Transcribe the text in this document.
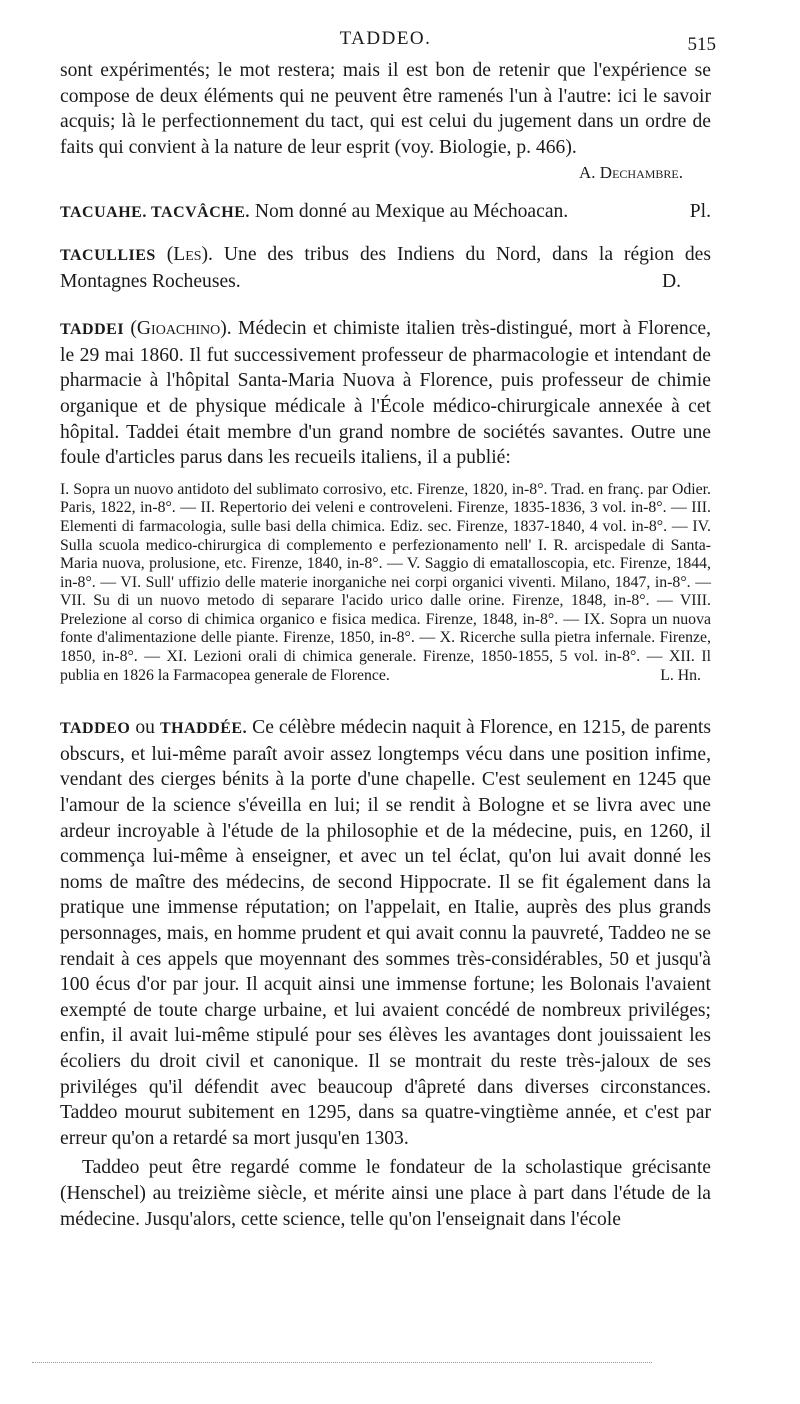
TADDEO.	515

sont expérimentés; le mot restera; mais il est bon de retenir que l'expérience se compose de deux éléments qui ne peuvent être ramenés l'un à l'autre: ici le savoir acquis; là le perfectionnement du tact, qui est celui du jugement dans un ordre de faits qui convient à la nature de leur esprit (voy. Biologie, p. 466).

A. Dechambre.

TACUAHE. TACVÂCHE. Nom donné au Mexique au Méchoacan.	Pl.

TACULLIES (Les). Une des tribus des Indiens du Nord, dans la région des Montagnes Rocheuses.	D.

TADDEI (Gioachino). Médecin et chimiste italien très-distingué, mort à Florence, le 29 mai 1860. Il fut successivement professeur de pharmacologie et intendant de pharmacie à l'hôpital Santa-Maria Nuova à Florence, puis professeur de chimie organique et de physique médicale à l'École médico-chirurgicale annexée à cet hôpital. Taddei était membre d'un grand nombre de sociétés savantes. Outre une foule d'articles parus dans les recueils italiens, il a publié:

I. Sopra un nuovo antidoto del sublimato corrosivo, etc. Firenze, 1820, in-8°. Trad. en franç. par Odier. Paris, 1822, in-8°. — II. Repertorio dei veleni e controveleni. Firenze, 1835-1836, 3 vol. in-8°. — III. Elementi di farmacologia, sulle basi della chimica. Ediz. sec. Firenze, 1837-1840, 4 vol. in-8°. — IV. Sulla scuola medico-chirurgica di complemento e perfezionamento nell' I. R. arcispedale di Santa-Maria nuova, prolusione, etc. Firenze, 1840, in-8°. — V. Saggio di ematalloscopia, etc. Firenze, 1844, in-8°. — VI. Sull' uffizio delle materie inorganiche nei corpi organici viventi. Milano, 1847, in-8°. — VII. Su di un nuovo metodo di separare l'acido urico dalle orine. Firenze, 1848, in-8°. — VIII. Prelezione al corso di chimica organico e fisica medica. Firenze, 1848, in-8°. — IX. Sopra un nuova fonte d'alimentazione delle piante. Firenze, 1850, in-8°. — X. Ricerche sulla pietra infernale. Firenze, 1850, in-8°. — XI. Lezioni orali di chimica generale. Firenze, 1850-1855, 5 vol. in-8°. — XII. Il publia en 1826 la Farmacopea generale de Florence.	L. Hn.

TADDEO ou THADDÉE. Ce célèbre médecin naquit à Florence, en 1215, de parents obscurs, et lui-même paraît avoir assez longtemps vécu dans une position infime, vendant des cierges bénits à la porte d'une chapelle. C'est seulement en 1245 que l'amour de la science s'éveilla en lui; il se rendit à Bologne et se livra avec une ardeur incroyable à l'étude de la philosophie et de la médecine, puis, en 1260, il commença lui-même à enseigner, et avec un tel éclat, qu'on lui avait donné les noms de maître des médecins, de second Hippocrate. Il se fit également dans la pratique une immense réputation; on l'appelait, en Italie, auprès des plus grands personnages, mais, en homme prudent et qui avait connu la pauvreté, Taddeo ne se rendait à ces appels que moyennant des sommes très-considérables, 50 et jusqu'à 100 écus d'or par jour. Il acquit ainsi une immense fortune; les Bolonais l'avaient exempté de toute charge urbaine, et lui avaient concédé de nombreux priviléges; enfin, il avait lui-même stipulé pour ses élèves les avantages dont jouissaient les écoliers du droit civil et canonique. Il se montrait du reste très-jaloux de ses priviléges qu'il défendit avec beaucoup d'âpreté dans diverses circonstances. Taddeo mourut subitement en 1295, dans sa quatre-vingtième année, et c'est par erreur qu'on a retardé sa mort jusqu'en 1303.

Taddeo peut être regardé comme le fondateur de la scholastique grécisante (Henschel) au treizième siècle, et mérite ainsi une place à part dans l'étude de la médecine. Jusqu'alors, cette science, telle qu'on l'enseignait dans l'école
